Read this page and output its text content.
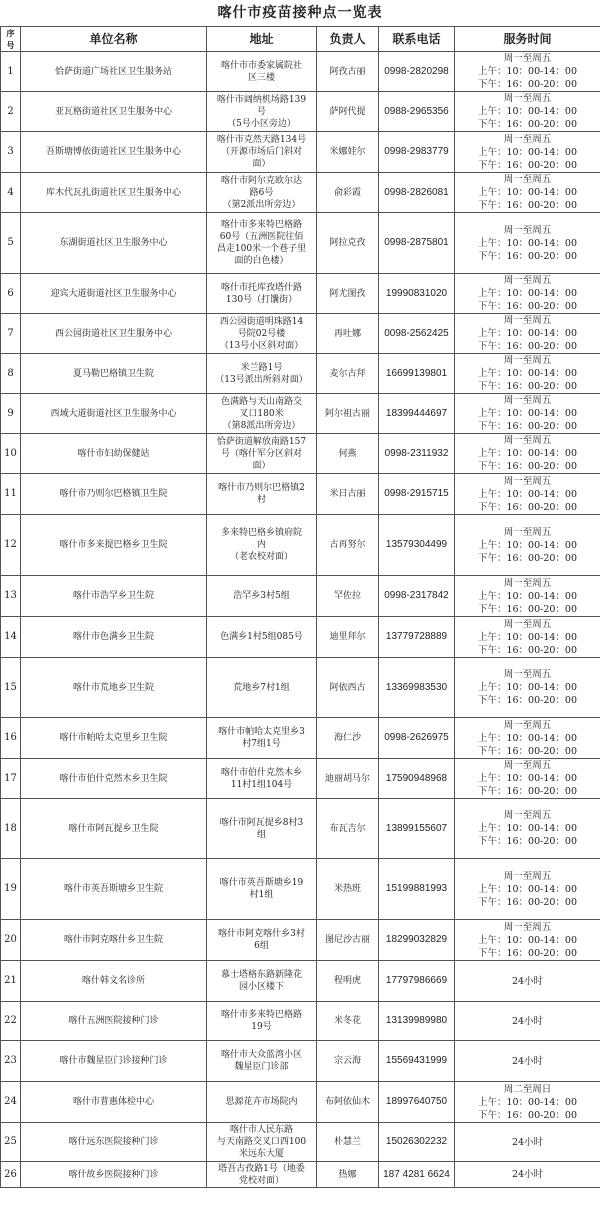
喀什市疫苗接种点一览表
序号	单位名称	地址	负责人	联系电话	服务时间
1	恰萨街道广场社区卫生服务站	喀什市市委家属院社
区三楼	阿孜古丽	0998-2820298	周一至周五
上午：10：00-14：00
下午：16：00-20：00

2	亚瓦格街道社区卫生服务中心	喀什市阔纳机场路139
号
（5号小区旁边）	萨阿代提	0988-2965356	周一至周五
上午：10：00-14：00
下午：16：00-20：00

3	吾斯塘博依街道社区卫生服务中心	喀什市克然天路134号
（开源市场后门斜对
面）	米娜娃尔	0998-2983779	周一至周五
上午：10：00-14：00
下午：16：00-20：00

4	库木代瓦扎街道社区卫生服务中心	喀什市阿尔克欧尔达
路6号
（第2派出所旁边）	俞彩霞	0998-2826081	周一至周五
上午：10：00-14：00
下午：16：00-20：00

5	东湖街道社区卫生服务中心	喀什市多来特巴格路
60号（五洲医院往佰
昌走100米一个巷子里
面的白色楼）	阿拉克孜	0998-2875801	周一至周五
上午：10：00-14：00
下午：16：00-20：00

6	迎宾大道街道社区卫生服务中心	喀什市托库孜塔什路
130号（打馕街）	阿尤图孜	19990831020	周一至周五
上午：10：00-14：00
下午：16：00-20：00

7	西公园街道社区卫生服务中心	西公园街道明珠路14
号院02号楼
（13号小区斜对面）	再吐娜	0098-2562425	周一至周五
上午：10：00-14：00
下午：16：00-20：00

8	夏马勒巴格镇卫生院	米兰路1号
（13号派出所斜对面）	麦尔古拜	16699139801	周一至周五
上午：10：00-14：00
下午：16：00-20：00

9	西域大道街道社区卫生服务中心	色满路与天山南路交
叉口180米
（第8派出所旁边）	阿尔祖古丽	18399444697	周一至周五
上午：10：00-14：00
下午：16：00-20：00

10	喀什市妇幼保健站	恰萨街道解放南路157
号（喀什军分区斜对
面）	何燕	0998-2311932	周一至周五
上午：10：00-14：00
下午：16：00-20：00

11	喀什市乃则尔巴格镇卫生院	喀什市乃则尔巴格镇2
村	米日古丽	0998-2915715	周一至周五
上午：10：00-14：00
下午：16：00-20：00

12	喀什市多来提巴格乡卫生院	多来特巴格乡镇府院
内
（老农校对面）	古再努尔	13579304499	周一至周五
上午：10：00-14：00
下午：16：00-20：00

13	喀什市浩罕乡卫生院	浩罕乡3村5组	罕佐拉	0998-2317842	周一至周五
上午：10：00-14：00
下午：16：00-20：00

14	喀什市色满乡卫生院	色满乡1村5组085号	迪里拜尔	13779728889	周一至周五
上午：10：00-14：00
下午：16：00-20：00

15	喀什市荒地乡卫生院	荒地乡7村1组	阿依西古	13369983530	周一至周五
上午：10：00-14：00
下午：16：00-20：00

16	喀什市帕哈太克里乡卫生院	喀什市帕哈太克里乡3
村7组1号	海仁沙	0998-2626975	周一至周五
上午：10：00-14：00
下午：16：00-20：00

17	喀什市伯什克然木乡卫生院	喀什市伯什克然木乡
11村1组104号	迪丽胡马尔	17590948968	周一至周五
上午：10：00-14：00
下午：16：00-20：00

18	喀什市阿瓦提乡卫生院	喀什市阿瓦提乡8村3
组	布瓦吉尔	13899155607	周一至周五
上午：10：00-14：00
下午：16：00-20：00

19	喀什市英吾斯塘乡卫生院	喀什市英吾斯塘乡19
村1组	米热班	15199881993	周一至周五
上午：10：00-14：00
下午：16：00-20：00

20	喀什市阿克喀什乡卫生院	喀什市阿克喀什乡3村
6组	图尼沙古丽	18299032829	周一至周五
上午：10：00-14：00
下午：16：00-20：00

21	喀什韩文名诊所	慕士塔格东路新隆花
园小区楼下	程明虎	17797986669	24小时

22	喀什五洲医院接种门诊	喀什市多来特巴格路
19号	米冬花	13139989980	24小时

23	喀什市魏星臣门诊接种门诊	喀什市大众蓝湾小区
魏星臣门诊部	宗云海	15569431999	24小时

24	喀什市普惠体检中心	思源花卉市场院内	布阿依仙木	18997640750	周二至周日
上午：10：00-14：00
下午：16：00-20：00

25	喀什远东医院接种门诊	喀什市人民东路
与天南路交叉口西100
米远东大厦	朴慧兰	15026302232	24小时

26	喀什故乡医院接种门诊	塔吾古孜路1号（地委
党校对面）	热娜	187 4281 6624	24小时
